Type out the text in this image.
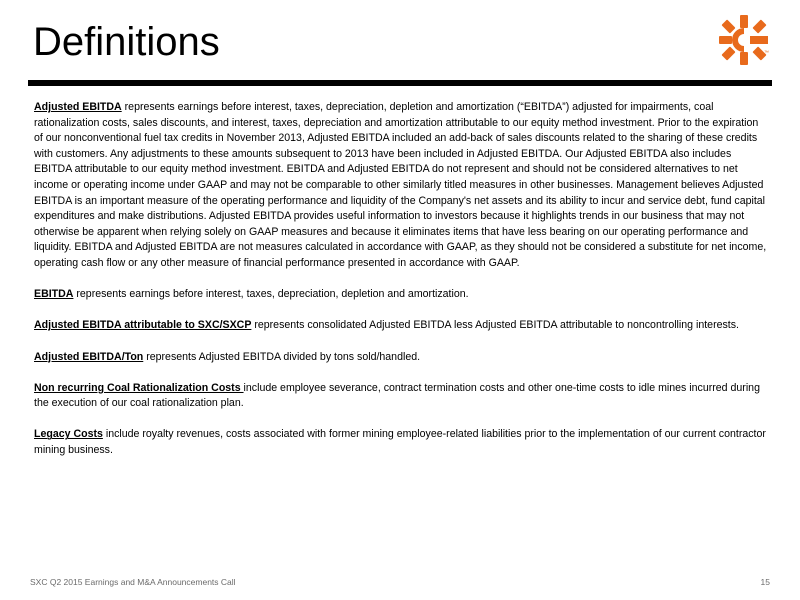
Definitions	™

Adjusted EBITDA represents earnings before interest, taxes, depreciation, depletion and amortization (“EBITDA”) adjusted for impairments, coal rationalization costs, sales discounts, and interest, taxes, depreciation and amortization attributable to our equity method investment. Prior to the expiration of our nonconventional fuel tax credits in November 2013, Adjusted EBITDA included an add-back of sales discounts related to the sharing of these credits with customers. Any adjustments to these amounts subsequent to 2013 have been included in Adjusted EBITDA. Our Adjusted EBITDA also includes EBITDA attributable to our equity method investment. EBITDA and Adjusted EBITDA do not represent and should not be considered alternatives to net income or operating income under GAAP and may not be comparable to other similarly titled measures in other businesses. Management believes Adjusted EBITDA is an important measure of the operating performance and liquidity of the Company's net assets and its ability to incur and service debt, fund capital expenditures and make distributions. Adjusted EBITDA provides useful information to investors because it highlights trends in our business that may not otherwise be apparent when relying solely on GAAP measures and because it eliminates items that have less bearing on our operating performance and liquidity. EBITDA and Adjusted EBITDA are not measures calculated in accordance with GAAP, as they should not be considered a substitute for net income, operating cash flow or any other measure of financial performance presented in accordance with GAAP.

EBITDA represents earnings before interest, taxes, depreciation, depletion and amortization.

Adjusted EBITDA attributable to SXC/SXCP represents consolidated Adjusted EBITDA less Adjusted EBITDA attributable to noncontrolling interests.

Adjusted EBITDA/Ton represents Adjusted EBITDA divided by tons sold/handled.

Non recurring Coal Rationalization Costs include employee severance, contract termination costs and other one-time costs to idle mines incurred during the execution of our coal rationalization plan.

Legacy Costs include royalty revenues, costs associated with former mining employee-related liabilities prior to the implementation of our current contractor mining business.

SXC Q2 2015 Earnings and M&A Announcements Call	15
